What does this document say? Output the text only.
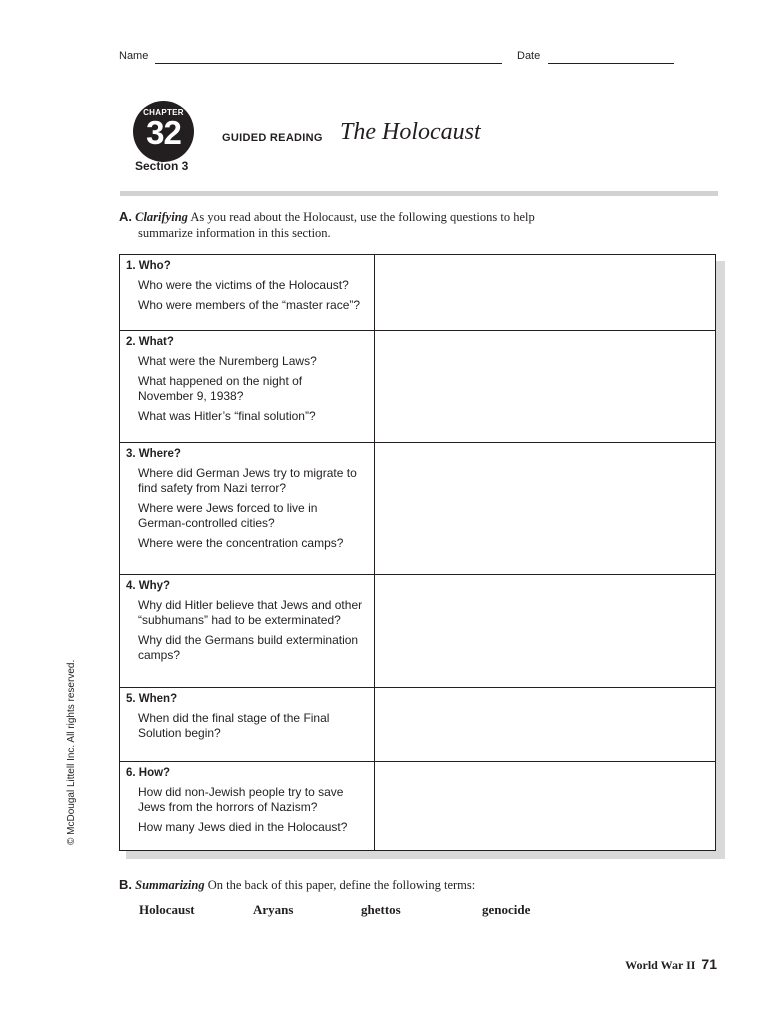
Name	Date
CHAPTER
32
Section 3
GUIDED READING The Holocaust
A. Clarifying As you read about the Holocaust, use the following questions to help
summarize information in this section.
1. Who?
Who were the victims of the Holocaust?
Who were members of the “master race”?
2. What?
What were the Nuremberg Laws?
What happened on the night of November 9, 1938?
What was Hitler’s “final solution”?
3. Where?
Where did German Jews try to migrate to find safety from Nazi terror?
Where were Jews forced to live in German-controlled cities?
Where were the concentration camps?
4. Why?
Why did Hitler believe that Jews and other “subhumans” had to be exterminated?
Why did the Germans build extermination camps?
5. When?
When did the final stage of the Final Solution begin?
6. How?
How did non-Jewish people try to save Jews from the horrors of Nazism?
How many Jews died in the Holocaust?
© McDougal Littell Inc. All rights reserved.
B. Summarizing On the back of this paper, define the following terms:
Holocaust	Aryans	ghettos	genocide
World War II 71
